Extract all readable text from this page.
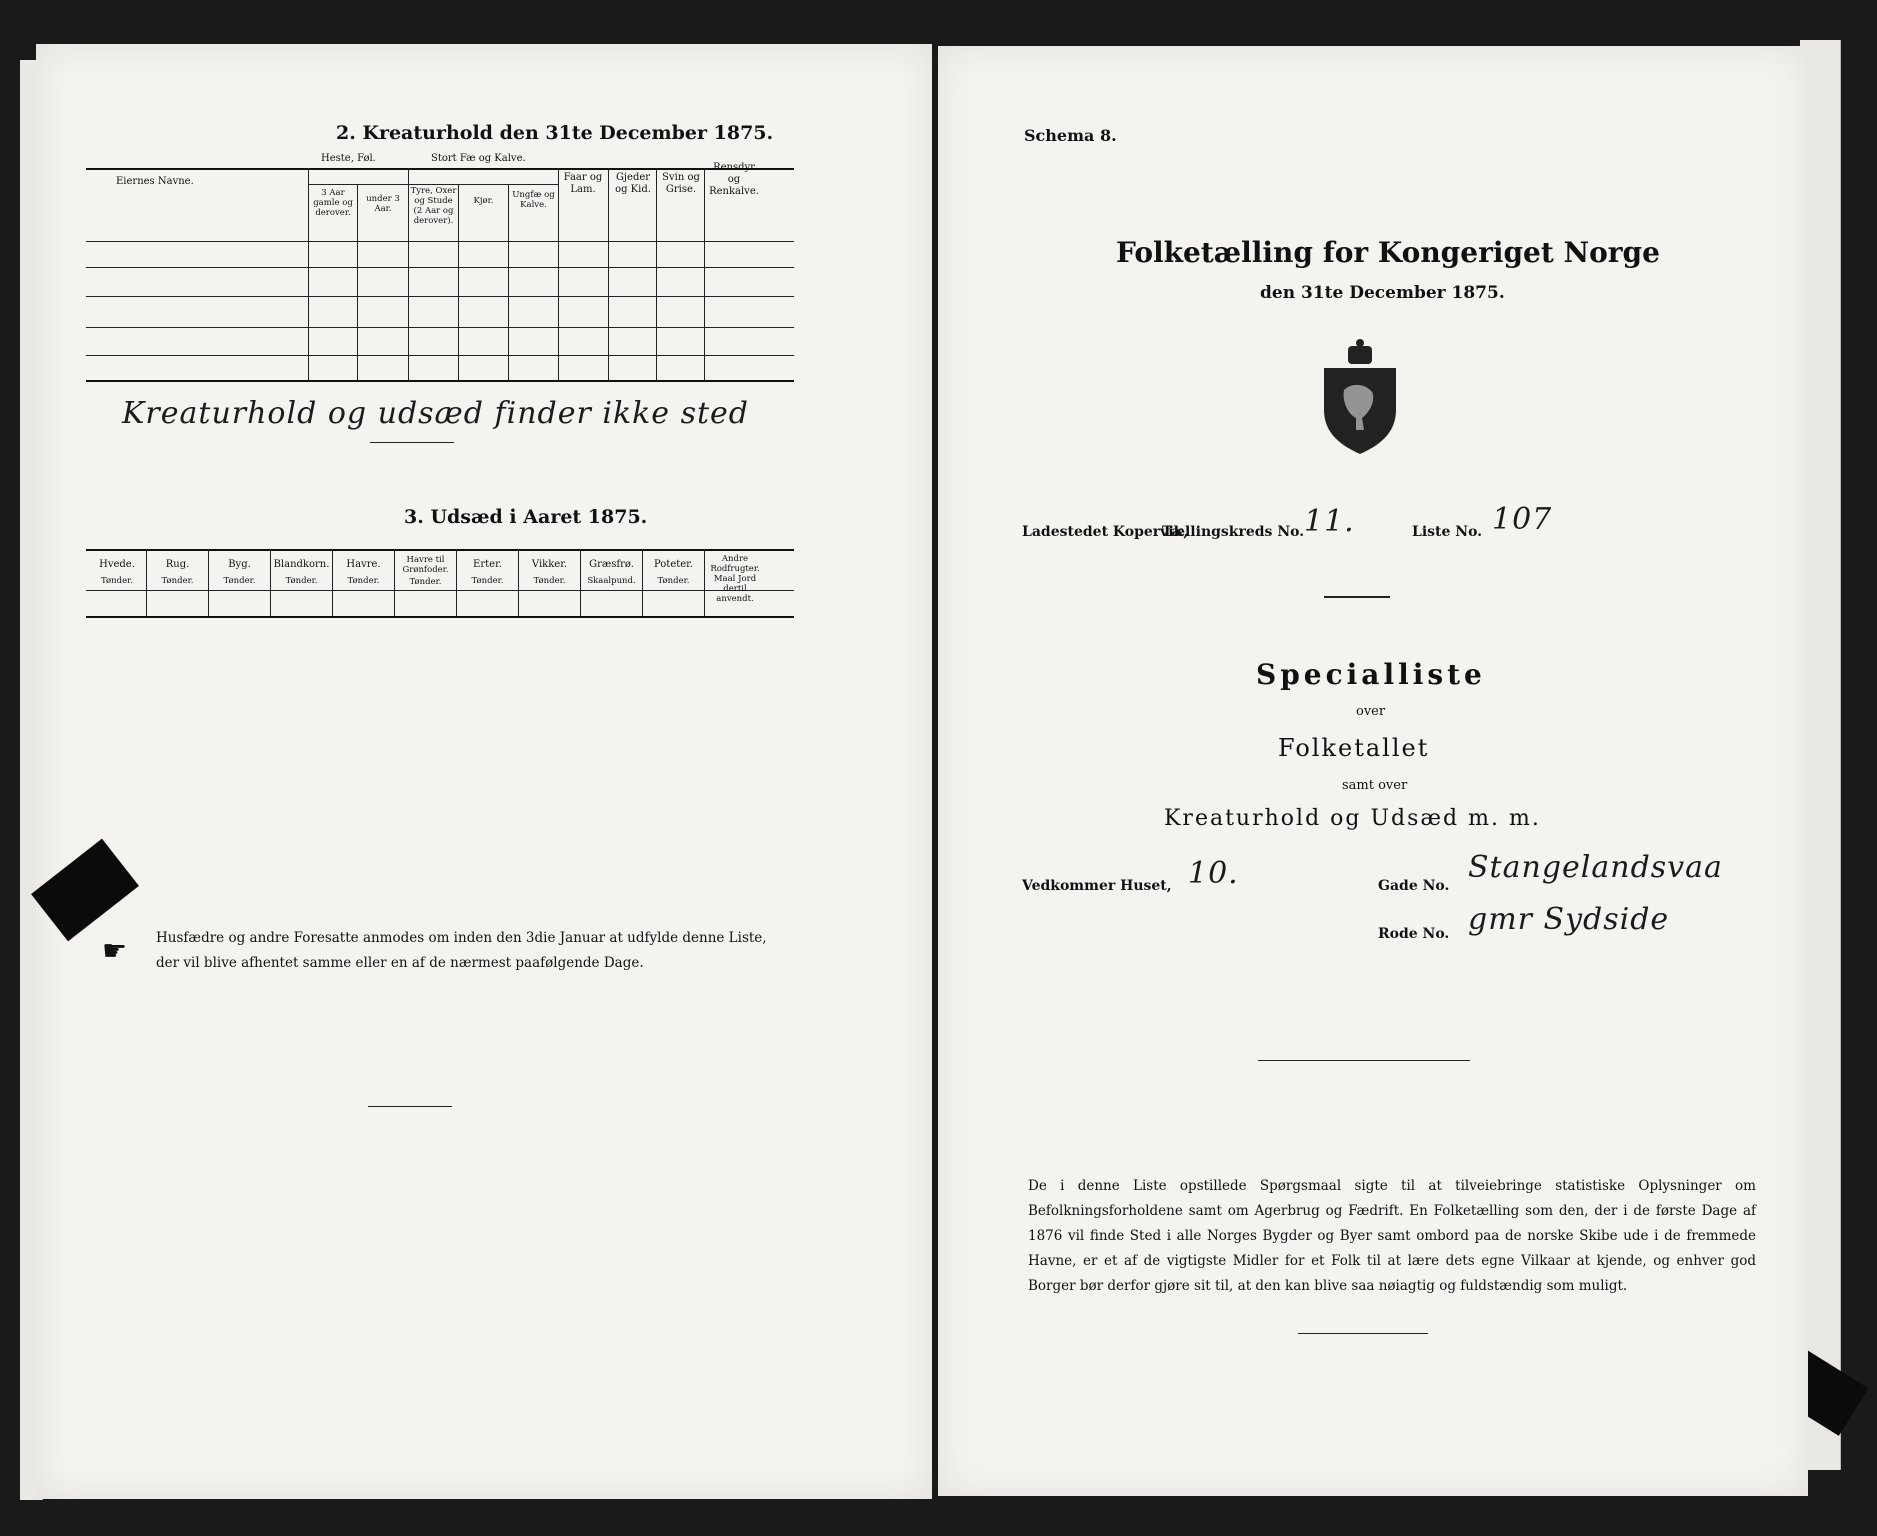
2. Kreaturhold den 31te December 1875.
Eiernes Navne.
Heste, Føl.
3 Aar gamle og derover.
under 3 Aar.
Stort Fæ og Kalve.
Tyre, Oxer og Stude (2 Aar og derover).
Kjør.
Ungfæ og Kalve.
Faar og Lam.
Gjeder og Kid.
Svin og Grise.
Rensdyr og Renkalve.
Kreaturhold og udsæd finder ikke sted
3. Udsæd i Aaret 1875.
Hvede.
Tønder.
Rug.
Tønder.
Byg.
Tønder.
Blandkorn.
Tønder.
Havre.
Tønder.
Havre til Grønfoder.
Tønder.
Erter.
Tønder.
Vikker.
Tønder.
Græsfrø.
Skaalpund.
Poteter.
Tønder.
Andre Rodfrugter.
Maal Jord dertil anvendt.
☛ Husfædre og andre Foresatte anmodes om inden den 3die Januar at udfylde denne Liste, der vil blive afhentet samme eller en af de nærmest paafølgende Dage.
Schema 8.
Folketælling for Kongeriget Norge
den 31te December 1875.
Ladestedet Kopervik,
Tællingskreds No. 11.	Liste No. 107
Specialliste
over
Folketallet
samt over
Kreaturhold og Udsæd m. m.
Vedkommer Huset, 10.	Gade No.
Stangelandsvaa
Rode No. gmr Sydside
De i denne Liste opstillede Spørgsmaal sigte til at tilveiebringe statistiske Oplysninger om Befolkningsforholdene samt om Agerbrug og Fædrift. En Folketælling som den, der i de første Dage af 1876 vil finde Sted i alle Norges Bygder og Byer samt ombord paa de norske Skibe ude i de fremmede Havne, er et af de vigtigste Midler for et Folk til at lære dets egne Vilkaar at kjende, og enhver god Borger bør derfor gjøre sit til, at den kan blive saa nøiagtig og fuldstændig som muligt.
